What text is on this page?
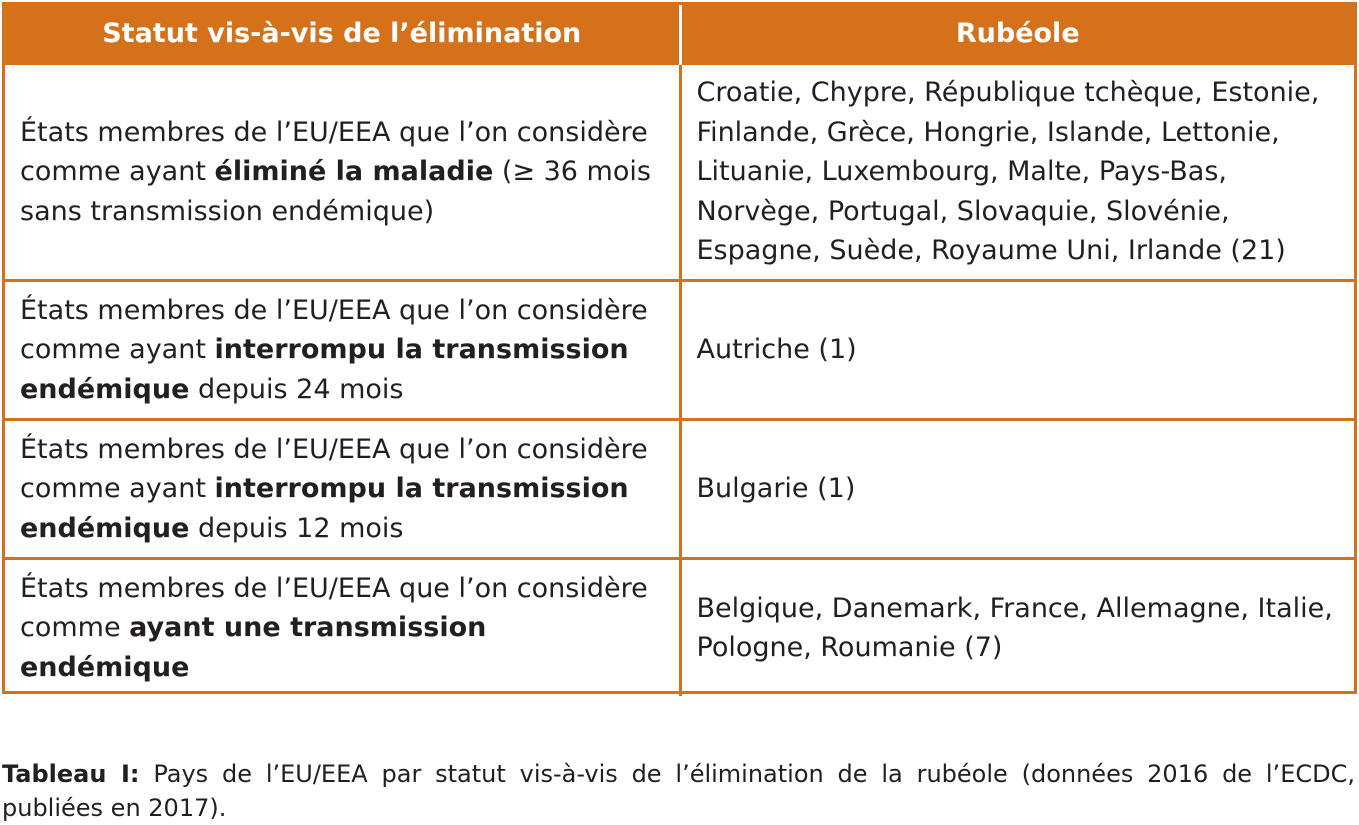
Statut vis-à-vis de l’élimination	Rubéole
États membres de l’EU/EEA que l’on considère comme ayant éliminé la maladie (≥ 36 mois sans transmission endémique)	Croatie, Chypre, République tchèque, Estonie, Finlande, Grèce, Hongrie, Islande, Lettonie, Lituanie, Luxembourg, Malte, Pays-Bas, Norvège, Portugal, Slovaquie, Slovénie, Espagne, Suède, Royaume Uni, Irlande (21)
États membres de l’EU/EEA que l’on considère comme ayant interrompu la transmission endémique depuis 24 mois	Autriche (1)
États membres de l’EU/EEA que l’on considère comme ayant interrompu la transmission endémique depuis 12 mois	Bulgarie (1)
États membres de l’EU/EEA que l’on considère comme ayant une transmission endémique	Belgique, Danemark, France, Allemagne, Italie, Pologne, Roumanie (7)

Tableau I: Pays de l’EU/EEA par statut vis-à-vis de l’élimination de la rubéole (données 2016 de l’ECDC, publiées en 2017).
